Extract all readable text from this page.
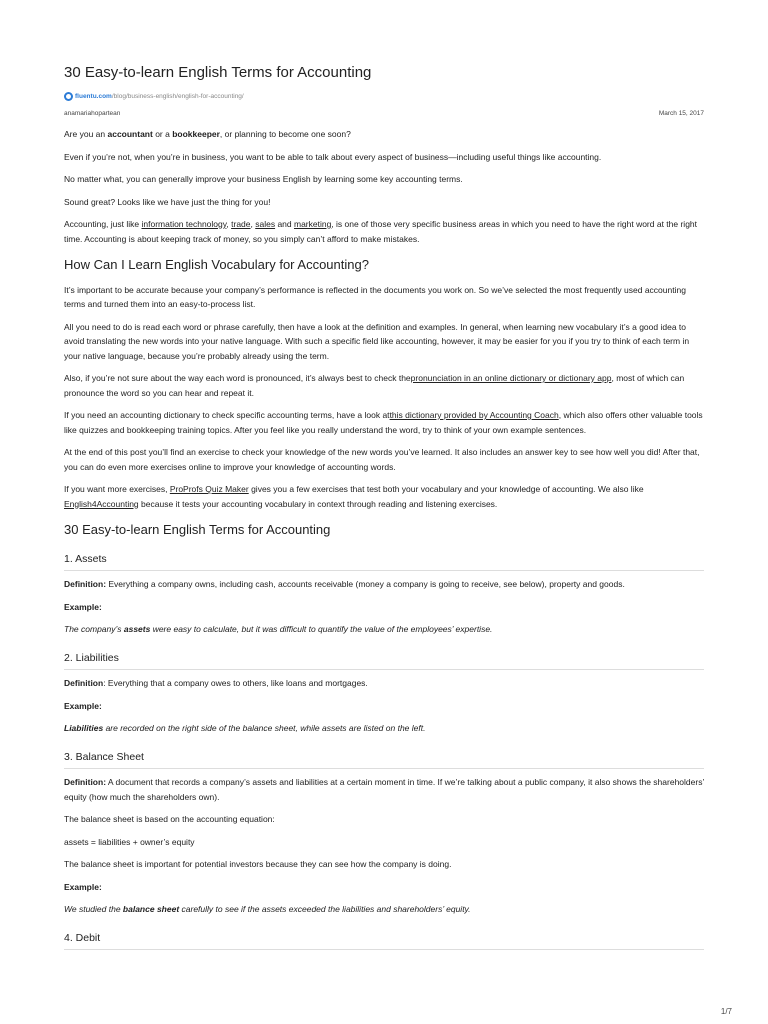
30 Easy-to-learn English Terms for Accounting
fluentu.com /blog/business-english/english-for-accounting/
anamariahopartean	March 15, 2017

Are you an accountant or a bookkeeper, or planning to become one soon?

Even if you’re not, when you’re in business, you want to be able to talk about every aspect of business—including useful things like accounting.

No matter what, you can generally improve your business English by learning some key accounting terms.

Sound great? Looks like we have just the thing for you!

Accounting, just like information technology, trade, sales and marketing, is one of those very specific business areas in which you need to have the right word at the right time. Accounting is about keeping track of money, so you simply can’t afford to make mistakes.

How Can I Learn English Vocabulary for Accounting?

It’s important to be accurate because your company’s performance is reflected in the documents you work on. So we’ve selected the most frequently used accounting terms and turned them into an easy-to-process list.

All you need to do is read each word or phrase carefully, then have a look at the definition and examples. In general, when learning new vocabulary it’s a good idea to avoid translating the new words into your native language. With such a specific field like accounting, however, it may be easier for you if you try to think of each term in your native language, because you’re probably already using the term.

Also, if you’re not sure about the way each word is pronounced, it’s always best to check thepronunciation in an online dictionary or dictionary app, most of which can pronounce the word so you can hear and repeat it.

If you need an accounting dictionary to check specific accounting terms, have a look atthis dictionary provided by Accounting Coach, which also offers other valuable tools like quizzes and bookkeeping training topics. After you feel like you really understand the word, try to think of your own example sentences.

At the end of this post you’ll find an exercise to check your knowledge of the new words you’ve learned. It also includes an answer key to see how well you did! After that, you can do even more exercises online to improve your knowledge of accounting words.

If you want more exercises, ProProfs Quiz Maker gives you a few exercises that test both your vocabulary and your knowledge of accounting. We also like English4Accounting because it tests your accounting vocabulary in context through reading and listening exercises.

30 Easy-to-learn English Terms for Accounting
1. Assets

Definition: Everything a company owns, including cash, accounts receivable (money a company is going to receive, see below), property and goods.

Example:

The company’s assets were easy to calculate, but it was difficult to quantify the value of the employees’ expertise.

2. Liabilities

Definition: Everything that a company owes to others, like loans and mortgages.

Example:

Liabilities are recorded on the right side of the balance sheet, while assets are listed on the left.

3. Balance Sheet

Definition: A document that records a company’s assets and liabilities at a certain moment in time. If we’re talking about a public company, it also shows the shareholders’ equity (how much the shareholders own).

The balance sheet is based on the accounting equation:

assets = liabilities + owner’s equity

The balance sheet is important for potential investors because they can see how the company is doing.

Example:

We studied the balance sheet carefully to see if the assets exceeded the liabilities and shareholders’ equity.

4. Debit
1/7
